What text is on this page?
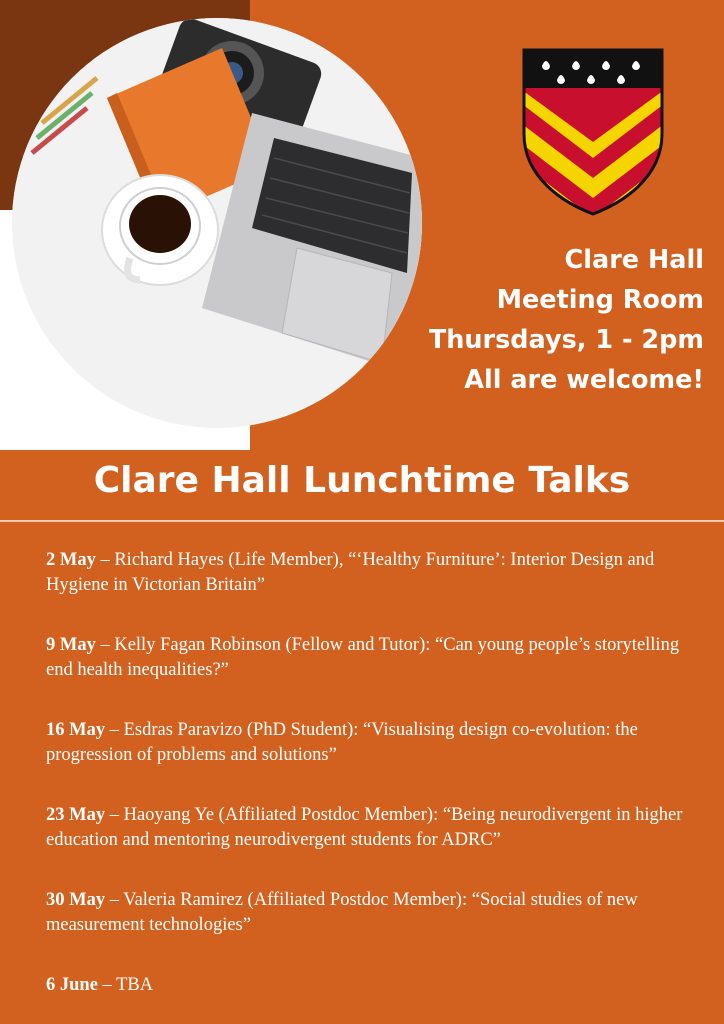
Clare Hall
Meeting Room
Thursdays, 1 - 2pm
All are welcome!
Clare Hall Lunchtime Talks
2 May – Richard Hayes (Life Member), “‘Healthy Furniture’: Interior Design and Hygiene in Victorian Britain”
9 May – Kelly Fagan Robinson (Fellow and Tutor): “Can young people’s storytelling end health inequalities?”
16 May – Esdras Paravizo (PhD Student): “Visualising design co-evolution: the progression of problems and solutions”
23 May – Haoyang Ye (Affiliated Postdoc Member): “Being neurodivergent in higher education and mentoring neurodivergent students for ADRC”
30 May – Valeria Ramirez (Affiliated Postdoc Member): “Social studies of new measurement technologies”
6 June – TBA
